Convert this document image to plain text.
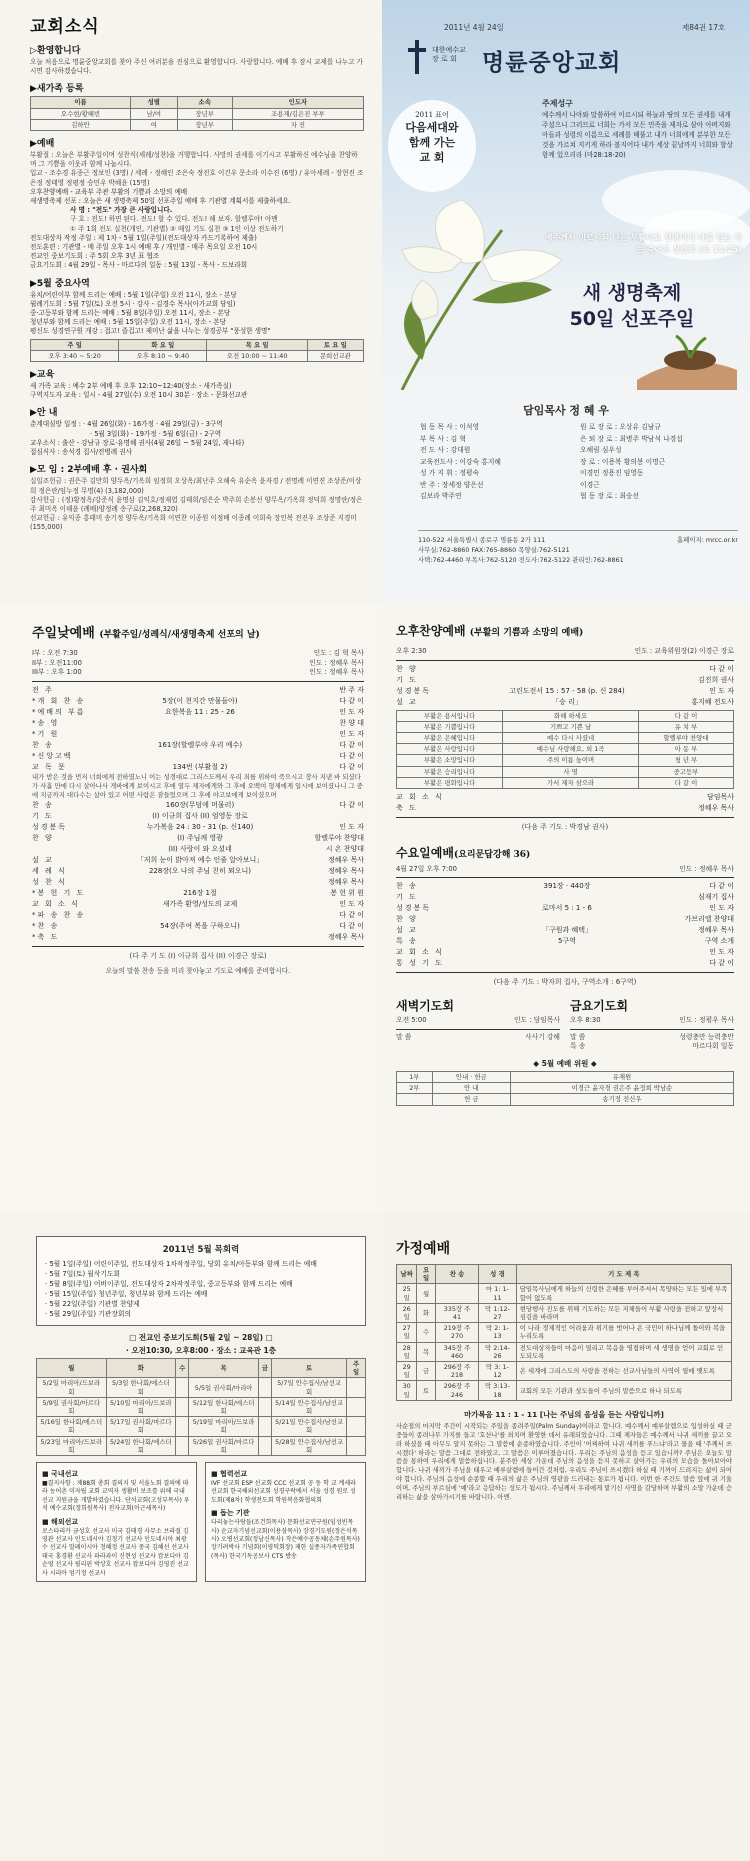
교회소식
▷환영합니다

오늘 처음으로 명륜중앙교회를 찾아 주신 여러분을 진심으로 환영합니다. 사랑합니다. 예배 후 잠시 교제를 나누고 가시면 감사하겠습니다.

▶새가족 등록
이름	성별	소속	인도자
오수현/황혜빈	남/여	장년부	조용재/김은진 부부
김하안	여	장년부	자 진
▶예배

부활절 : 오늘은 부활주일이며 성찬식(세례/성찬)을 거행합니다. 사망의 권세를 이기시고 부활하신 예수님을 찬양하며 그 기쁨을 이웃과 함께 나눕시다.

입교 - 조수경 유종근 정보인 (3명) / 세례 - 정혜인 조은숙 정진호 이건우 문소라 이수진 (6명) / 유아세례 - 장현진 조은정 정태영 정평정 승민우 박혜윤 (15명)

오후찬양예배 - 교육부 주관 부활의 기쁨과 소망의 예배

새생명축제 선포 : 오늘은 새 생명축제 50일 선포주일 예배 후 기관별 계획서를 제출하세요.

사 명 : "전도" 가장 큰 사랑입니다.

구 호 : 전도! 하면 된다. 전도! 할 수 있다. 전도! 해 보자. 할렐루야! 아멘

① 주 1회 전도 실천(개인, 기관별) ② 매일 기도 실천 ③ 1인 이상 전도하기

전도대상자 작정 주일 : 제 1차 - 5월 1일(주일)(전도대상자 카드기록하여 제출)

전도훈련 : 기관별 - 매 주일 오후 1시 예배 후 / 개인별 - 매주 목요일 오전 10시

전교인 중보기도회 : 주 5회 오후 3년 표 협조

금요기도회 : 4월 29일 - 목사 - 마르다의 일동 : 5월 13일 - 목사 - 드보라회

▶5월 중요사역

유치/어린이부 함께 드리는 예배 : 5월 1일(주일) 오전 11시, 장소 - 본당

월례기도회 : 5월 7일(토) 오전 5시 · 강사 - 김경수 목사(아가교회 담임)

중·고등부와 함께 드리는 예배 : 5월 8일(주일) 오전 11시, 장소 - 본당

청년부와 함께 드리는 예배 : 5월 15일(주일) 오전 11시, 장소 - 본당

평신도 성경연구원 개강 : 접고! 즐겁고! 재미난 삶을 나누는 성경공부 "풍성한 생명"

주 일	화 요 일	목 요 일	토 요 일
오후 3:40 ~ 5:20	오후 8:10 ~ 9:40	오전 10:00 ~ 11:40	문희선교관
▶교육

새 가족 교육 : 예수 2부 예배 후 오후 12:10~12:40(장소 - 새가족실)

구역지도자 교육 : 일시 - 4월 27일(수) 오전 10시 30분 · 장소 - 문화선교관

▶안 내

춘계대심방 일정 : · 4월 26일(화) - 16가정 · 4월 29일(금) - 3구역

· 5월 3일(화) - 19가정 · 5월 6일(금) - 2구역

교우소식 : 출산 - 강남규 장로·유명혜 권사(4월 26일 ~ 5월 24일, 재나타)

접심식사 : 송석경 집사/전병례 권사

▶모 임 : 2부예배 후 · 권사회

십일조헌금 : 권은주 김만희 양두옥/기옥희 임정희 오상옥/최난주 오해숙 유순옥 윤자경 / 전명례 이연진 조상준/이상희 정은란/임누정 무명(4) (3,182,000)

감사헌금 : (정)황정옥/강준식 윤명삼 김익호/정재엽 김태희/임은순 박주희 손봉선 양무옥/기옥희 정덕희 정명란/정은주 최미옥 이해윤 (례배)양정례 송구로(2,268,320)

선교헌금 : 유익종 홍태미 송기정 양두옥/기옥희 이연찬 이종원 이정배 이종례 이희숙 장인복 전진우 조상준 지경미 (155,000)

2011년 4월 24일	제84권 17호
대한예수교 장 로 회	명륜중앙교회
2011 표어
다음세대와
함께 가는
교 회
주제성구
예수께서 나아와 말씀하여 이르시되 하늘과 땅의 모든 권세를 내게 주셨으니 그러므로 너희는 가서 모든 민족을 제자로 삼아 아버지와 아들과 성령의 이름으로 세례를 베풀고 내가 너희에게 분부한 모든 것을 가르쳐 지키게 하라 볼지어다 내가 세상 끝날까지 너희와 항상 함께 있으리라 (마28:18-20)
예수께서 이르시되 나는 부활이요 생명이니 나를 믿는 자는 죽어도 살겠고 (요 11:25)
새 생명축제
50일 선포주일
담임목사 정 혜 우
협 동 목 사 : 이석영	원 로 장 로 : 오상유 김남규
부 목 사 : 김 혁	은 퇴 장 로 : 최병주 박남석 나경섭
전 도 사 : 강대원	오해림 심우성
교육전도사 : 이강숙 홍지혜	장 로 : 이용복 황의봉 이명근
성 가 지 휘 : 정평숙	이경민 정용진 임영동
반 주 : 장세정 양은선	이경근
김보라 박주연	협 동 장 로 : 최숭선
110-522 서울특별시 종로구 명륜동 2가 111	홈페이지: mrcc.or.kr
사무실:762-8860 FAX:765-8860 목양실:762-5121
사택:762-4460 부목사:762-5120 전도사:762-5122 관리인:762-8861
주일낮예배 (부활주일/성례식/새생명축제 선포의 날)
I부 : 오전 7:30	인도 : 김 혁 목사
II부 : 오전11:00	인도 : 정혜우 목사
III부 : 오후 1:00	인도 : 정혜우 목사
전 주	반 주 자
*개 회 찬 송	5장(이 천지간 만물들아)	다 같 이
*예배의 부름	요한복음 11 : 25 - 26	인 도 자
*송 영	찬 양 대
*기 원	인 도 자
찬 송	161장(할렐루야 우리 예수)	다 같 이
*신앙고백	다 같 이
교 독 문	134번 (부활절 2)	다 같 이

내가 받은 것을 먼저 너희에게 전하였노니 이는 성경대로 그리스도께서 우리 죄를 위하여 죽으시고 장사 지낸 바 되셨다가 사흘 만에 다시 살아나사 게바에게 보이시고 후에 열두 제자에게와 그 후에 오백여 형제에게 일시에 보이셨나니 그 중에 지금까지 대다수는 살아 있고 어떤 사람은 잠들었으며 그 후에 야고보에게 보이셨으며

찬 송	160장(무덤에 머물러)	다 같 이
기 도	(I) 이규희 집사 (II) 엄영동 장로
성경봉독	누가복음 24 : 30 - 31 (p. 신140)	인 도 자
찬 양	(I) 주님께 영광	할렐루야 찬양대
(II) 사랑이 와 오셨네	시 온 찬양대
설 교	「저희 눈이 밝아져 예수 인줄 알아보니」	정혜우 목사
세 례 식	228장(오 나의 주님 친히 뫼오니)	정혜우 목사
성 찬 식	정혜우 목사
*봉 헌 기 도	216장 1절	봉 헌 위 원
교 회 소 식	새가족 환영/성도의 교제	인 도 자
*파 송 찬 송	다 같 이
*찬 송	54장(주여 복을 구하오니)	다 같 이
*축 도	정혜우 목사
(다 주 기 도 (I) 이규희 집사 (II) 이경근 장로)
오늘의 말씀 찬송 등을 미리 찾아놓고 기도로 예배를 준비합시다.
오후찬양예배 (부활의 기쁨과 소망의 예배)
오후 2:30	인도 : 교육위원장(2) 이경근 장로
찬 양	다 같 이
기 도	김진희 권사
성경봉독	고린도전서 15 : 57 - 58 (p. 신 284)	인 도 자
설 교	「승 리」	홍지혜 전도사
부활은 용서입니다	화해 하세요	다 같 이
부활은 기쁨입니다	기쁘고 기쁜 날	유 치 부
부활은 은혜입니다	예수 다시 사셨네	할렐루야 찬양대
부활은 사랑입니다	예수님 사랑해요, 외 1곡	아 동 부
부활은 소망입니다	주의 이름 높이며	청 년 부
부활은 승리입니다	사 명	중고등부
부활은 평화입니다	가서 제자 삼으라	다 같 이
교 회 소 식	담임목사
축 도	정혜우 목사
(다음 주 기도 : 박경남 권사)
수요일예배(요리문답강해 36)
4월 27일 오후 7:00	인도 : 정혜우 목사
찬 송	391장 · 440장	다 같 이
기 도	심재기 집사
성경봉독	로마서 5 : 1 - 6	인 도 자
찬 양	가브리엘 찬양대
설 교	「구원과 혜택」	정혜우 목사
특 송	5구역	구역 소개
교 회 소 식	인 도 자
통 성 기 도	다 같 이
(다음 주 기도 : 박자희 집사, 구역소개 : 6구역)
새벽기도회
오전 5:00	인도 : 담임목사
말 씀	사사기 강해
금요기도회
오후 8:30	인도 : 정평우 목사
말 씀	성령충만 능력충만
특 송	마르다회 일동
◆ 5월 예배 위원 ◆
1부	안내 · 헌금	유재원
2부	안 내	이경근 윤자경 권은주 윤정희 박남순
	헌 금	송기정 전신우
2011년 5월 목회력

· 5월 1일(주일) 어린이주일, 전도대상자 1차작정주일, 당회 유치/아동부와 함께 드리는 예배

· 5월 7일(토) 월삭기도회

· 5월 8일(주일) 어버이주일, 전도대상자 2차작정주일, 중고등부와 함께 드리는 예배

· 5월 15일(주일) 청년주일, 청년부와 함께 드리는 예배

· 5월 22일(주일) 기관별 찬양제

· 5월 29일(주일) 기관장회의

□ 전교인 중보기도회(5월 2일 ~ 28일) □
· 오전10:30, 오후8:00 · 장소 : 교육관 1층
월	화	수	목	금	토	주일
5/2일 마리아/드보라회	5/3일 한나회/에스더회		5/5일 권사회/마리아		5/7일 안수집사/남선교회	
5/9일 권사회/마르다회	5/10일 마리아/드보라회		5/12일 한나회/에스더회		5/14일 안수집사/남선교회	
5/16일 한나회/에스더회	5/17일 권사회/마르다회		5/19일 마리아/드보라회		5/21일 안수집사/남선교회	
5/23일 마리아/드보라회	5/24일 한나회/에스더회		5/26일 권사회/마르다회		5/28일 안수집사/남선교회	
■ 국내선교

■결지사항 : 제88회 총회 결의지 및 서울노회 결의에 따라 농어촌 미자립 교회 교역자 생활비 보조를 위해 국내 선교 지원금을 개발하였습니다. 단석교회(고성부목사) 우석 예수교회(정희원목사) 전자교회(이근세목사)

■ 해외선교

로스타리카 금성호 선교사 미국 김태경 사무소 브라질 김영관 선교사 인도네시아 김정기 선교사 인도네시아 최광수 선교사 말레이시아 정혜정 선교사 중국 김혜선 선교사 태국 홍경환 선교사 파라과이 신현성 선교사 캄보디아 김순영 선교사 필리핀 박상호 선교사 캄보디아 김영진 선교사 시리아 엄기정 선교사

■ 협력선교

IVF 선교회 ESP 선교회 CCC 선교회 공 동 학 교 계세라 선교회 한국해외선교회 성경구락에서 서울 성경 원로 성도회(제8차) 학생전도회 학원복음화협의회

■ 돕는 기관

다리놓는사람들(조건희목사) 문화선교연구원(임성빈목사) 순교자기념선교회(이용삼목사) 장경기도원(정은석목사) 오병선교회(정남신목사) 작은예수공동체(손주원목사) 장기려박사 기념회(이영덕회장) 재한 실종자가족연합회(목사) 한국기독공보사 CTS 방송

가정예배
날짜	요일	찬 송	성 경	기 도 제 목
25일	월		마 1: 1-11	담임목사님에게 하늘의 신령한 은혜를 부어주셔서 목양하는 모든 일에 부족함이 없도록
26일	화	335장 주 41	막 1:12-27	현당행사 진도를 위해 기도하는 모든 지체들이 부활 사랑을 전하고 앞장서 섬김을 바라며
27일	수	219장 주 270	막 2: 1-13	이 나라 경제적인 어려움과 위기를 벗어나 온 국민이 하나님께 돌아와 복을 누리도록
28일	목	345장 주 460	막 2:14-26	전도대상자들이 마음이 열리고 복음을 영접하며 새 생명을 얻어 교회로 인도되도록
29일	금	296장 주 218	막 3: 1-12	온 세계에 그리스도의 사랑을 전하는 선교사님들의 사역이 열매 맺도록
30일	토	296장 주 246	막 3:13-18	교회의 모든 기관과 성도들이 주님의 말씀으로 하나 되도록
마가복음 11 : 1 - 11 [나는 주님의 음성을 듣는 사람입니까]

사순절의 마지막 주간이 시작되는 주일을 종려주일(Palm Sunday)이라고 합니다. 예수께서 예루살렘으로 입성하실 때 군중들이 종려나무 가지를 들고 '호산나'를 외치며 환영한 데서 유래되었습니다. 그때 제자들은 예수께서 나귀 새끼를 끌고 오라 하셨을 때 아무도 알지 못하는 그 말씀에 순종하였습니다. 주인이 '어찌하여 나귀 새끼를 푸느냐'라고 물을 때 '주께서 쓰시겠다' 하라는 말씀 그대로 전하였고, 그 말씀은 이루어졌습니다. 우리는 주님의 음성을 듣고 있습니까? 주님은 오늘도 말씀을 통하여 우리에게 말씀하십니다. 분주한 세상 가운데 주님의 음성을 듣지 못하고 살아가는 우리의 모습을 돌아보아야 합니다. 나귀 새끼가 주님을 태우고 예루살렘에 들어간 것처럼, 우리도 주님이 쓰시겠다 하실 때 기꺼이 드려지는 삶이 되어야 합니다. 주님의 음성에 순종할 때 우리의 삶은 주님의 영광을 드러내는 통로가 됩니다. 이번 한 주간도 말씀 앞에 귀 기울이며, 주님의 부르심에 '예'라고 응답하는 성도가 됩시다. 주님께서 우리에게 맡기신 사명을 감당하며 부활의 소망 가운데 승리하는 삶을 살아가시기를 바랍니다. 아멘.
